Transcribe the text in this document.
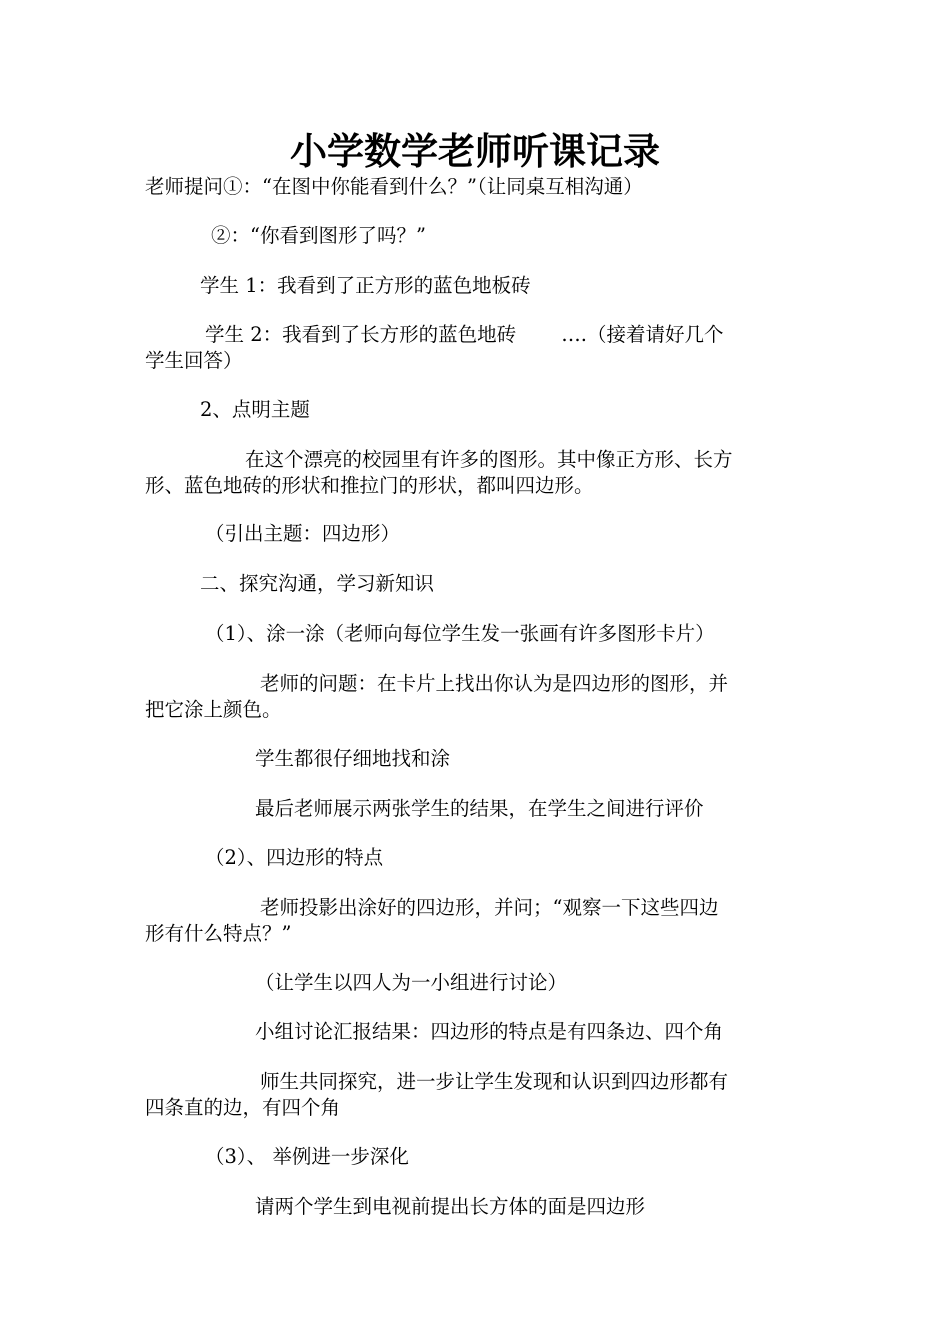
小学数学老师听课记录
老师提问①：“在图中你能看到什么？”（让同桌互相沟通）
②：“你看到图形了吗？”
学生 1：我看到了正方形的蓝色地板砖
学生 2：我看到了长方形的蓝色地砖　　 ….（接着请好几个
学生回答）
2、点明主题
在这个漂亮的校园里有许多的图形。其中像正方形、长方
形、蓝色地砖的形状和推拉门的形状，都叫四边形。
（引出主题：四边形）
二、探究沟通，学习新知识
（1）、涂一涂（老师向每位学生发一张画有许多图形卡片）
老师的问题：在卡片上找出你认为是四边形的图形，并
把它涂上颜色。
学生都很仔细地找和涂
最后老师展示两张学生的结果，在学生之间进行评价
（2）、四边形的特点
老师投影出涂好的四边形，并问；“观察一下这些四边
形有什么特点？”
（让学生以四人为一小组进行讨论）
小组讨论汇报结果：四边形的特点是有四条边、四个角
师生共同探究，进一步让学生发现和认识到四边形都有
四条直的边，有四个角
（3）、 举例进一步深化
请两个学生到电视前提出长方体的面是四边形
